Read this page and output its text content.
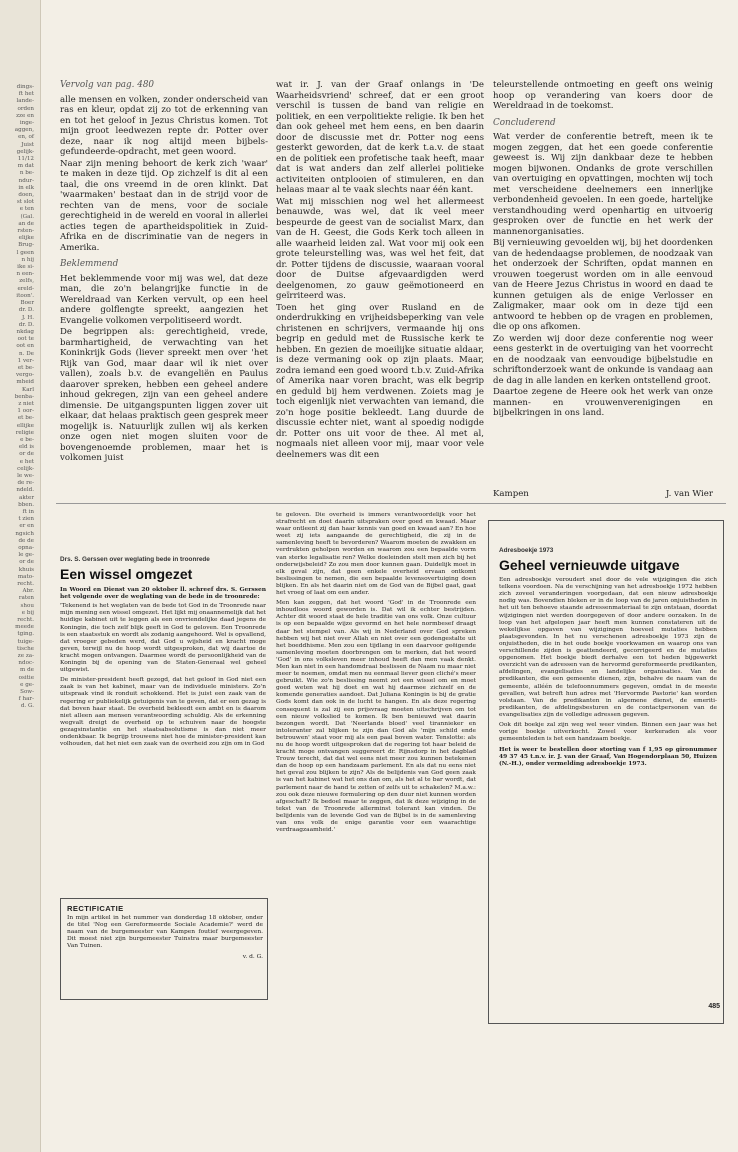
dings-

ft het

lande-

orden

zze en

inge-

aggen,

en, of

Juist

gelijk-

11/12

m dat

n be-

ndur-

in elk

doen,

st slot

e ten

(Gal.

an de

rsten-

elijke

Brug-

l geen

n hij

ike si-

n een-

zelfs,

ereld-

itoon'.

Boer

dr. D.

J. H.

dr. D.

nkdag

oot te

oot en

n. De

1 ver-

et be-

vergo-

mheid

Karl

benba-

z niet

1 oor-

et be-

ellijke

religie

e be-

eld is

or de

e het

celijk-

le we-

de re-

ndeld.

akter

bben.

ft in

t zien

er en

ngsich

de de

opna-

le ge-

or de

khuis

mato-

recht.

Abr.

raten

shou

e bij

recht.

meede

tging.

tuige-

tische

ze za-

ndoc-

m de

ositie

e ge-

Sow-

f har-

d. G.

Vervolg van pag. 480

alle mensen en volken, zonder onderscheid van ras en kleur, opdat zij zo tot de erkenning van en tot het geloof in Jezus Christus komen. Tot mijn groot leedwezen repte dr. Potter over deze, naar ik nog altijd meen bijbels-gefundeerde-opdracht, met geen woord.

Naar zijn mening behoort de kerk zich 'waar' te maken in deze tijd. Op zichzelf is dit al een taal, die ons vreemd in de oren klinkt. Dat 'waarmaken' bestaat dan in de strijd voor de rechten van de mens, voor de sociale gerechtigheid in de wereld en vooral in allerlei acties tegen de apartheidspolitiek in Zuid-Afrika en de discriminatie van de negers in Amerika.

Beklemmend

Het beklemmende voor mij was wel, dat deze man, die zo'n belangrijke functie in de Wereldraad van Kerken vervult, op een heel andere golflengte spreekt, aangezien het Evangelie volkomen verpolitiseerd wordt.

De begrippen als: gerechtigheid, vrede, barmhartigheid, de verwachting van het Koninkrijk Gods (liever spreekt men over 'het Rijk van God, maar daar wil ik niet over vallen), zoals b.v. de evangeliën en Paulus daarover spreken, hebben een geheel andere inhoud gekregen, zijn van een geheel andere dimensie. De uitgangspunten liggen zover uit elkaar, dat helaas praktisch geen gesprek meer mogelijk is. Natuurlijk zullen wij als kerken onze ogen niet mogen sluiten voor de bovengenoemde problemen, maar het is volkomen juist

wat ir. J. van der Graaf onlangs in 'De Waarheidsvriend' schreef, dat er een groot verschil is tussen de band van religie en politiek, en een verpolitiekte religie. Ik ben het dan ook geheel met hem eens, en ben daarin door de discussie met dr. Potter nog eens gesterkt geworden, dat de kerk t.a.v. de staat en de politiek een profetische taak heeft, maar dat is wat anders dan zelf allerlei politieke activiteiten ontplooien of stimuleren, en dan helaas maar al te vaak slechts naar één kant.

Wat mij misschien nog wel het allermeest benauwde, was wel, dat ik veel meer bespeurde de geest van de socialist Marx, dan van de H. Geest, die Gods Kerk toch alleen in alle waarheid leiden zal. Wat voor mij ook een grote teleurstelling was, was wel het feit, dat dr. Potter tijdens de discussie, waaraan vooral door de Duitse afgevaardigden werd deelgenomen, zo gauw geëmotioneerd en geïrriteerd was.

Toen het ging over Rusland en de onderdrukking en vrijheidsbeperking van vele christenen en schrijvers, vermaande hij ons begrip en geduld met de Russische kerk te hebben. En gezien de moeilijke situatie aldaar, is deze vermaning ook op zijn plaats. Maar, zodra iemand een goed woord t.b.v. Zuid-Afrika of Amerika naar voren bracht, was elk begrip en geduld bij hem verdwenen. Zoiets mag je toch eigenlijk niet verwachten van iemand, die zo'n hoge positie bekleedt. Lang duurde de discussie echter niet, want al spoedig nodigde dr. Potter ons uit voor de thee. Al met al, nogmaals niet alleen voor mij, maar voor vele deelnemers was dit een

teleurstellende ontmoeting en geeft ons weinig hoop op verandering van koers door de Wereldraad in de toekomst.

Concluderend

Wat verder de conferentie betreft, meen ik te mogen zeggen, dat het een goede conferentie geweest is. Wij zijn dankbaar deze te hebben mogen bijwonen. Ondanks de grote verschillen van overtuiging en opvattingen, mochten wij toch met verscheidene deelnemers een innerlijke verbondenheid gevoelen. In een goede, hartelijke verstandhouding werd openhartig en uitvoerig gesproken over de functie en het werk der mannenorganisaties.

Bij vernieuwing gevoelden wij, bij het doordenken van de hedendaagse problemen, de noodzaak van het onderzoek der Schriften, opdat mannen en vrouwen toegerust worden om in alle eenvoud van de Heere Jezus Christus in woord en daad te kunnen getuigen als de enige Verlosser en Zaligmaker, maar ook om in deze tijd een antwoord te hebben op de vragen en problemen, die op ons afkomen.

Zo werden wij door deze conferentie nog weer eens gesterkt in de overtuiging van het voorrecht en de noodzaak van eenvoudige bijbelstudie en schriftonderzoek want de onkunde is vandaag aan de dag in alle landen en kerken ontstellend groot.

Daartoe zegene de Heere ook het werk van onze mannen- en vrouwenverenigingen en bijbelkringen in ons land.

Kampen	J. van Wier

Drs. S. Gerssen over weglating bede in troonrede

Een wissel omgezet

In Woord en Dienst van 20 oktober ll. schreef drs. S. Gerssen het volgende over de weglating van de bede in de troonrede:

'Tekenend is het weglaten van de bede tot God in de Troonrede naar mijn mening een wissel omgezet. Het lijkt mij onaannemelijk dat het huidige kabinet uit te leggen als een onvriendelijke daad jegens de Koningin, die toch zelf blijk geeft in God te geloven. Een Troonrede is een staatsstuk en wordt als zodanig aangehoord. Wel is opvallend, dat vroeger gebeden werd, dat God u wijsheid en kracht moge geven, terwijl nu de hoop wordt uitgesproken, dat wij daartoe de kracht mogen ontvangen. Daarmee wordt de persoonlijkheid van de Koningin bij de opening van de Staten-Generaal wel geheel uitgewist.

De minister-president heeft gezegd, dat het geloof in God niet een zaak is van het kabinet, maar van de individuele ministers. Zo'n uitspraak vind ik ronduit schokkend. Het is juist een zaak van de regering er publiekelijk getuigenis van te geven, dat er een gezag is dat boven haar staat. De overheid bekleedt een ambt en is daarom niet alleen aan mensen verantwoording schuldig. Als de erkenning wegvalt dreigt de overheid op te schuiven naar de hoogste gezagsinstantie en het staatsabsolutisme is dan niet meer ondenkbaar. Ik begrijp trouwens niet hoe de minister-president kan volhouden, dat het niet een zaak van de overheid zou zijn om in God

RECTIFICATIE

In mijn artikel in het nummer van donderdag 18 oktober, onder de titel 'Nog een Gereformeerde Sociale Academie?' werd de naam van de burgemeester van Kampen foutief weergegeven. Dit moest niet zijn burgemeester Tuinstra maar burgemeester Van Tuinen.

v. d. G.

te geloven. Die overheid is immers verantwoordelijk voor het strafrecht en doet daarin uitspraken over goed en kwaad. Maar waar ontleent zij dan haar kennis van goed en kwaad aan? En hoe weet zij iets aangaande de gerechtigheid, die zij in de samenleving heeft te bevorderen? Waarom moeten de zwakken en verdrukten geholpen worden en waarom zou een bepaalde vorm van sterke legalisatie ren? Welke doeleinden stelt men zich bij het onderwijsbeleid? Zo zou men door kunnen gaan. Duidelijk moet in elk geval zijn, dat geen enkele overheid ervaan ontkomt beslissingen te nemen, die een bepaalde levensovertuiging doen blijken. En als het daarin niet om de God van de Bijbel gaat, gaat het vroeg of laat om een ander.

Men kan zeggen, dat het woord 'God' in de Troonrede een inhoudloos woord geworden is. Dat wil ik echter bestrijden. Achter dit woord staat de hele traditie van ons volk. Onze cultuur is op een bepaalde wijze gevormd en het hele normbesef draagt daar het stempel van. Als wij in Nederland over God spreken hebben wij het niet over Allah en niet over een godengestalte uit het boeddhisme. Men zou een tijdlang in een daarvoor geëigende samenleving moeten doorbrengen om te merken, dat het woord 'God' in ons volksleven meer inhoud heeft dan men vaak denkt. Men kan niet in een handomdraai beslissen de Naam nu maar niet meer te noemen, omdat men nu eenmaal liever geen cliché's meer gebruikt. Wie zo'n beslissing neemt zet een wissel om en moet goed weten wat hij doet en wat hij daarmee zichzelf en de komende generaties aandoet. Dat Juliana Koningin is bij de gratie Gods komt dan ook in de lucht te hangen. En als deze regering consequent is zal zij een prijsvraag moeten uitschrijven om tot een nieuw volkslied te komen. Ik ben benieuwd wat daarin bezongen wordt. Dat 'Neerlands bloed' veel tirannieker en intoleranter zal blijken te zijn dan God als 'mijn schild ende betrouwen' staat voor mij als een paal boven water. Tenslotte: als nu de hoop wordt uitgesproken dat de regering tot haar beleid de kracht moge ontvangen suggereert dr. Rijnsdorp in het dagblad Trouw terecht, dat dat wel eens niet meer zou kunnen betekenen dan de hoop op een handzaam parlement. En als dat nu eens niet het geval zou blijken te zijn? Als de belijdenis van God geen zaak is van het kabinet wat het ons dan om, als het al te bar wordt, dat parlement naar de hand te zetten of zelfs uit te schakelen? M.a.w.: zou ook deze nieuwe formulering op den duur niet kunnen worden afgeschaft? Ik bedoel maar te zeggen, dat ik deze wijziging in de tekst van de Troonrede allerminst tolerant kan vinden. De belijdenis van de levende God van de Bijbel is in de samenleving van ons volk de enige garantie voor een waarachtige verdraagzaamheid.'

Adresboekje 1973

Geheel vernieuwde uitgave

Een adresboekje veroudert snel door de vele wijzigingen die zich telkens voordoen. Na de verschijning van het adresboekje 1972 hebben zich zoveel veranderingen voorgedaan, dat een nieuw adresboekje nodig was. Bovendien bleken er in de loop van de jaren onjuistheden in het uit ten behoeve staande adressenmateriaal te zijn ontstaan, doordat wijzigingen niet werden doorgegeven of door andere oorzaken. In de loop van het afgelopen jaar heeft men kunnen constateren uit de wekelijkse opgaven van wijzigingen hoeveel mutaties hebben plaatsgevonden. In het nu verschenen adresboekje 1973 zijn de onjuistheden, die in het oude boekje voorkwamen en waarop ons van verschillende zijden is geattendeerd, gecorrigeerd en de mutaties opgenomen. Het boekje biedt derhalve een tot heden bijgewerkt overzicht van de adressen van de hervormd gereformeerde predikanten, afdelingen, evangelisaties en landelijke organisaties. Van de predikanten, die een gemeente dienen, zijn, behalve de naam van de gemeente, alléén de telefoonnummers gegeven, omdat in de meeste gevallen, wat betreft hun adres met 'Hervormde Pastorie' kan worden volstaan. Van de predikanten in algemene dienst, de emeriti-predikanten, de afdelingsbesturen en de contactpersonen van de evangelisaties zijn de volledige adressen gegeven.

Ook dit boekje zal zijn weg wel weer vinden. Binnen een jaar was het vorige boekje uitverkocht. Zowel voor kerkeraden als voor gemeenteleden is het een handzaam boekje.

Het is weer te bestellen door storting van f 1,95 op gironummer 49 37 45 t.n.v. ir. J. van der Graaf, Van Hogendorplaan 50, Huizen (N.-H.), onder vermelding adresboekje 1973.

485
